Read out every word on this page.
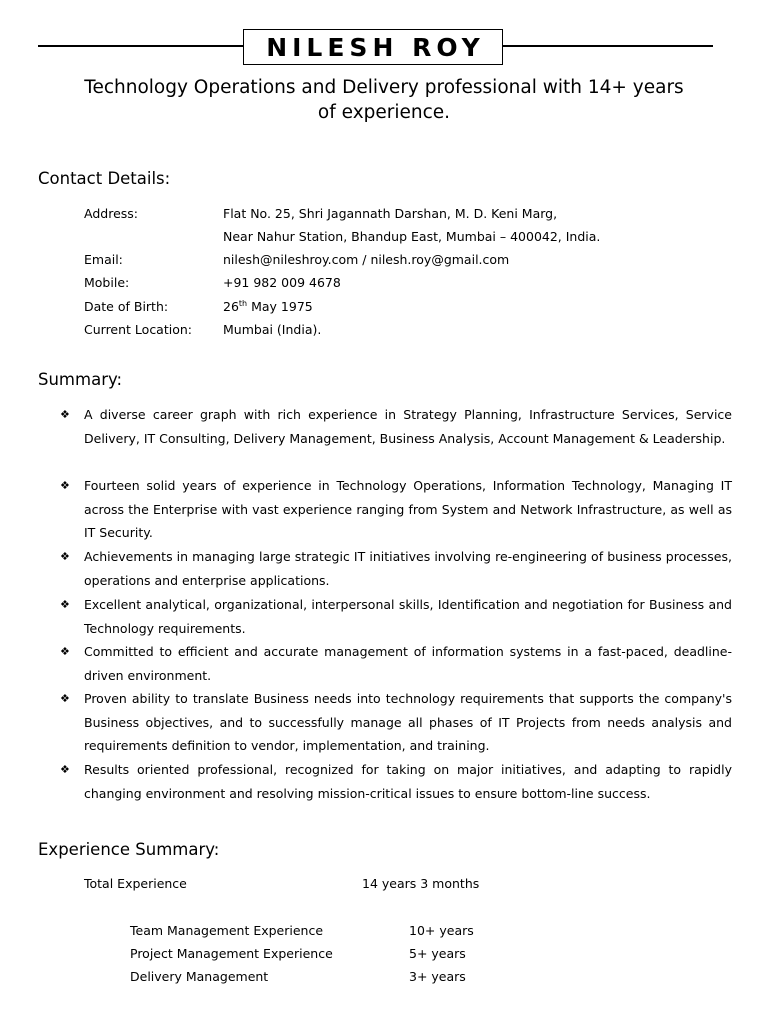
NILESH ROY
Technology Operations and Delivery professional with 14+ years
of experience.
Contact Details:
Address:	Flat No. 25, Shri Jagannath Darshan, M. D. Keni Marg,
Near Nahur Station, Bhandup East, Mumbai – 400042, India.
Email:	nilesh@nileshroy.com / nilesh.roy@gmail.com
Mobile:	+91 982 009 4678
Date of Birth:	26th May 1975
Current Location: Mumbai (India).
Summary:
❖ A diverse career graph with rich experience in Strategy Planning, Infrastructure Services, Service Delivery, IT Consulting, Delivery Management, Business Analysis, Account Management & Leadership.
❖ Fourteen solid years of experience in Technology Operations, Information Technology, Managing IT across the Enterprise with vast experience ranging from System and Network Infrastructure, as well as IT Security.
❖ Achievements in managing large strategic IT initiatives involving re-engineering of business processes, operations and enterprise applications.
❖ Excellent analytical, organizational, interpersonal skills, Identification and negotiation for Business and Technology requirements.
❖ Committed to efficient and accurate management of information systems in a fast-paced, deadline-driven environment.
❖ Proven ability to translate Business needs into technology requirements that supports the company's Business objectives, and to successfully manage all phases of IT Projects from needs analysis and requirements definition to vendor, implementation, and training.
❖ Results oriented professional, recognized for taking on major initiatives, and adapting to rapidly changing environment and resolving mission-critical issues to ensure bottom-line success.
Experience Summary:
Total Experience	14 years 3 months
Team Management Experience	10+ years
Project Management Experience	5+ years
Delivery Management	3+ years
